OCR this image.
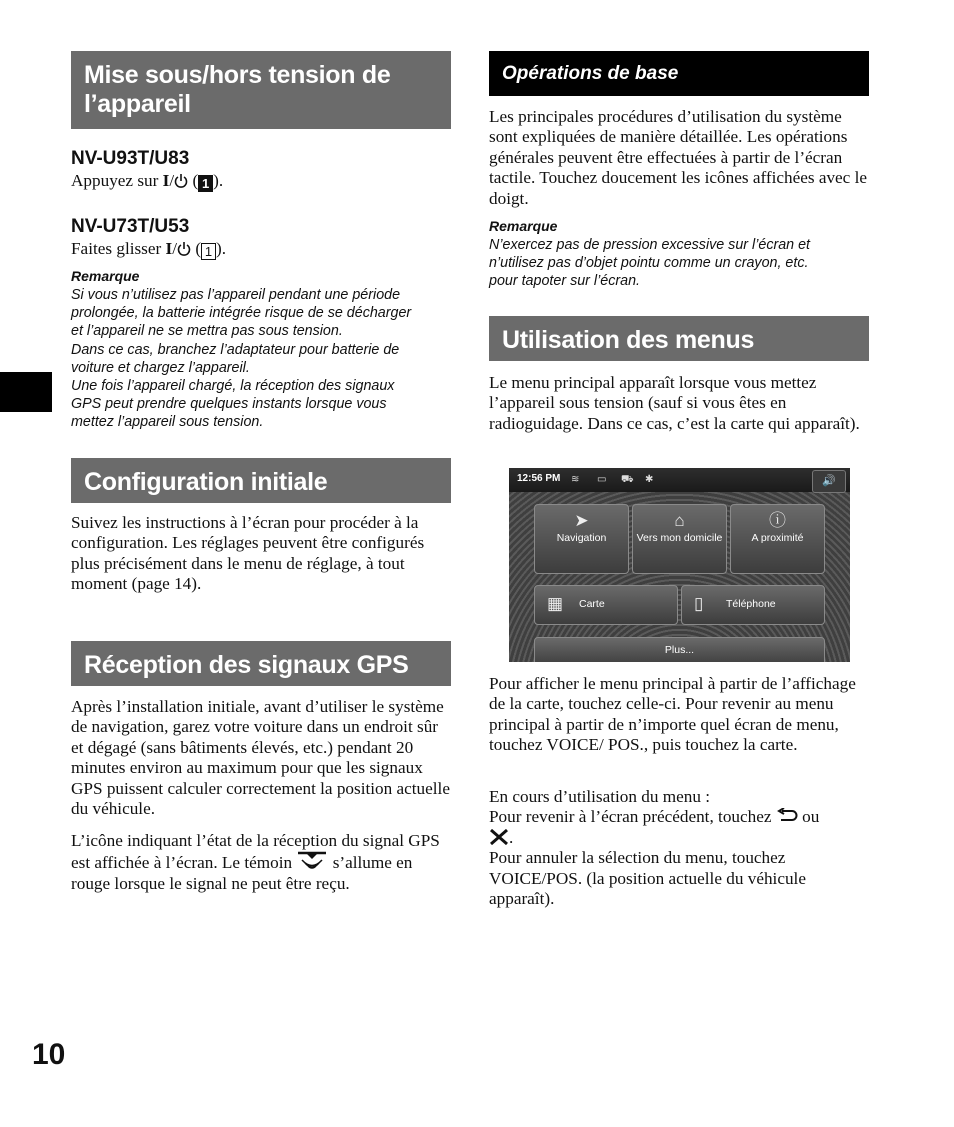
Mise sous/hors tension de l’appareil
NV-U93T/U83
Appuyez sur I/ ( 1 ).
NV-U73T/U53
Faites glisser I/ ( 1 ).
Remarque
Si vous n’utilisez pas l’appareil pendant une période
prolongée, la batterie intégrée risque de se décharger
et l’appareil ne se mettra pas sous tension.
Dans ce cas, branchez l’adaptateur pour batterie de
voiture et chargez l’appareil.
Une fois l’appareil chargé, la réception des signaux
GPS peut prendre quelques instants lorsque vous
mettez l’appareil sous tension.
Configuration initiale
Suivez les instructions à l’écran pour procéder à la configuration. Les réglages peuvent être configurés plus précisément dans le menu de réglage, à tout moment (page 14).
Réception des signaux GPS
Après l’installation initiale, avant d’utiliser le système de navigation, garez votre voiture dans un endroit sûr et dégagé (sans bâtiments élevés, etc.) pendant 20 minutes environ au maximum pour que les signaux GPS puissent calculer correctement la position actuelle du véhicule.
L’icône indiquant l’état de la réception du signal GPS est affichée à l’écran. Le témoin  s’allume en rouge lorsque le signal ne peut être reçu.
Opérations de base
Les principales procédures d’utilisation du système sont expliquées de manière détaillée. Les opérations générales peuvent être effectuées à partir de l’écran tactile. Touchez doucement les icônes affichées avec le doigt.
Remarque
N’exercez pas de pression excessive sur l’écran et
n’utilisez pas d’objet pointu comme un crayon, etc.
pour tapoter sur l’écran.
Utilisation des menus
Le menu principal apparaît lorsque vous mettez l’appareil sous tension (sauf si vous êtes en radioguidage. Dans ce cas, c’est la carte qui apparaît).
Pour afficher le menu principal à partir de l’affichage de la carte, touchez celle-ci. Pour revenir au menu principal à partir de n’importe quel écran de menu, touchez VOICE/ POS., puis touchez la carte.
En cours d’utilisation du menu :
Pour revenir à l’écran précédent, touchez  ou
.
Pour annuler la sélection du menu, touchez VOICE/POS. (la position actuelle du véhicule apparaît).
12:56 PM ≋ ▭ ⛟ ✱	🔊
➤
Navigation
⌂
Vers mon domicile
ⓘ
A proximité
▦ Carte	▯ Téléphone
Plus...
10
